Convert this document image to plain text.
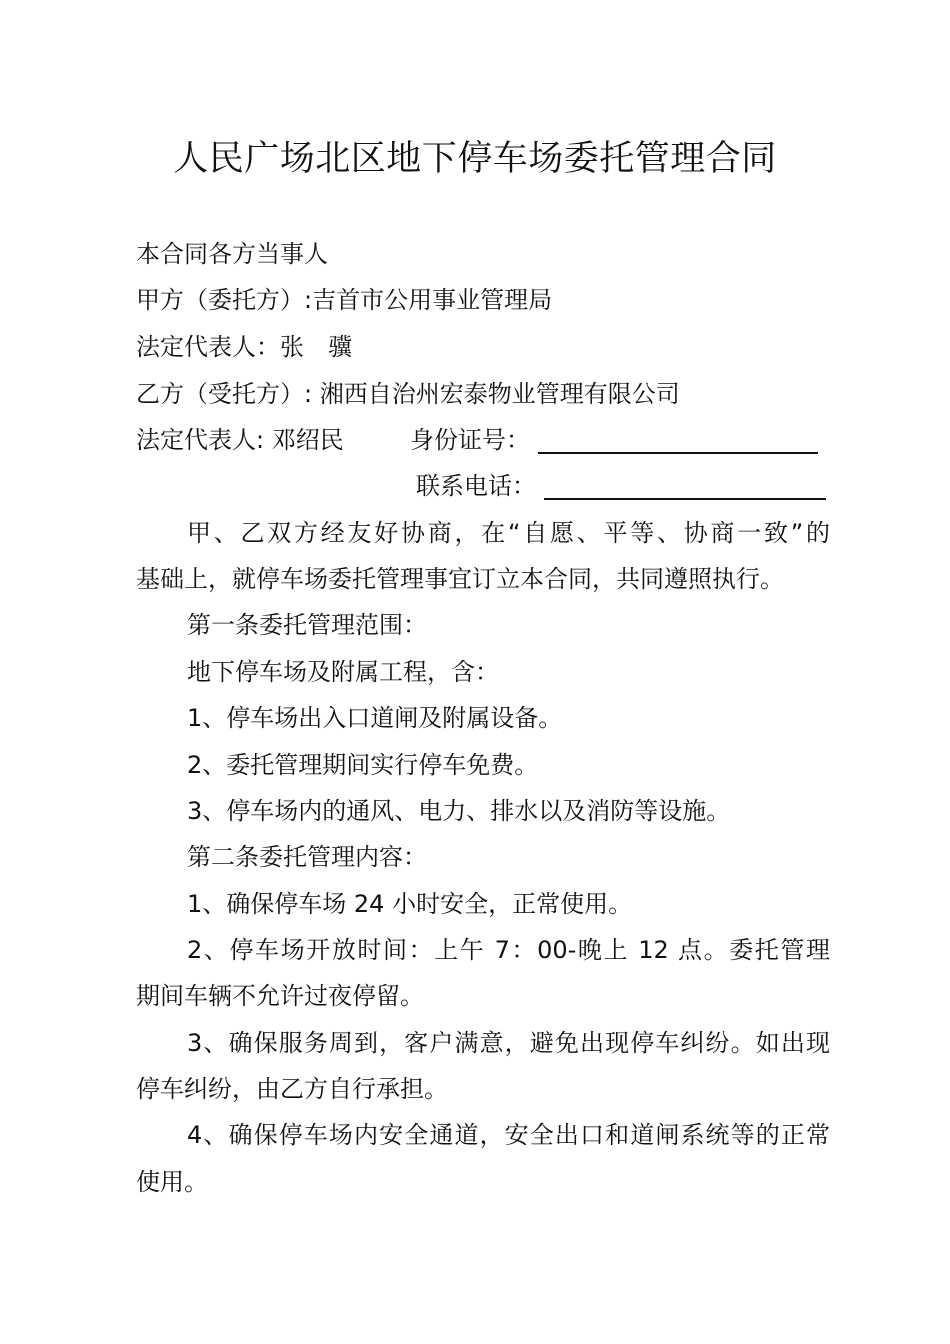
人民广场北区地下停车场委托管理合同
本合同各方当事人
甲方（委托方）:吉首市公用事业管理局
法定代表人：张　骥
乙方（受托方）: 湘西自治州宏泰物业管理有限公司
法定代表人: 邓绍民	身份证号：
联系电话：
甲、乙双方经友好协商，在“自愿、平等、协商一致”的
基础上，就停车场委托管理事宜订立本合同，共同遵照执行。
第一条委托管理范围：
地下停车场及附属工程，含：
1、停车场出入口道闸及附属设备。
2、委托管理期间实行停车免费。
3、停车场内的通风、电力、排水以及消防等设施。
第二条委托管理内容：
1、确保停车场 24 小时安全，正常使用。
2、停车场开放时间：上午 7：00-晚上 12 点。委托管理
期间车辆不允许过夜停留。
3、确保服务周到，客户满意，避免出现停车纠纷。如出现
停车纠纷，由乙方自行承担。
4、确保停车场内安全通道，安全出口和道闸系统等的正常
使用。
